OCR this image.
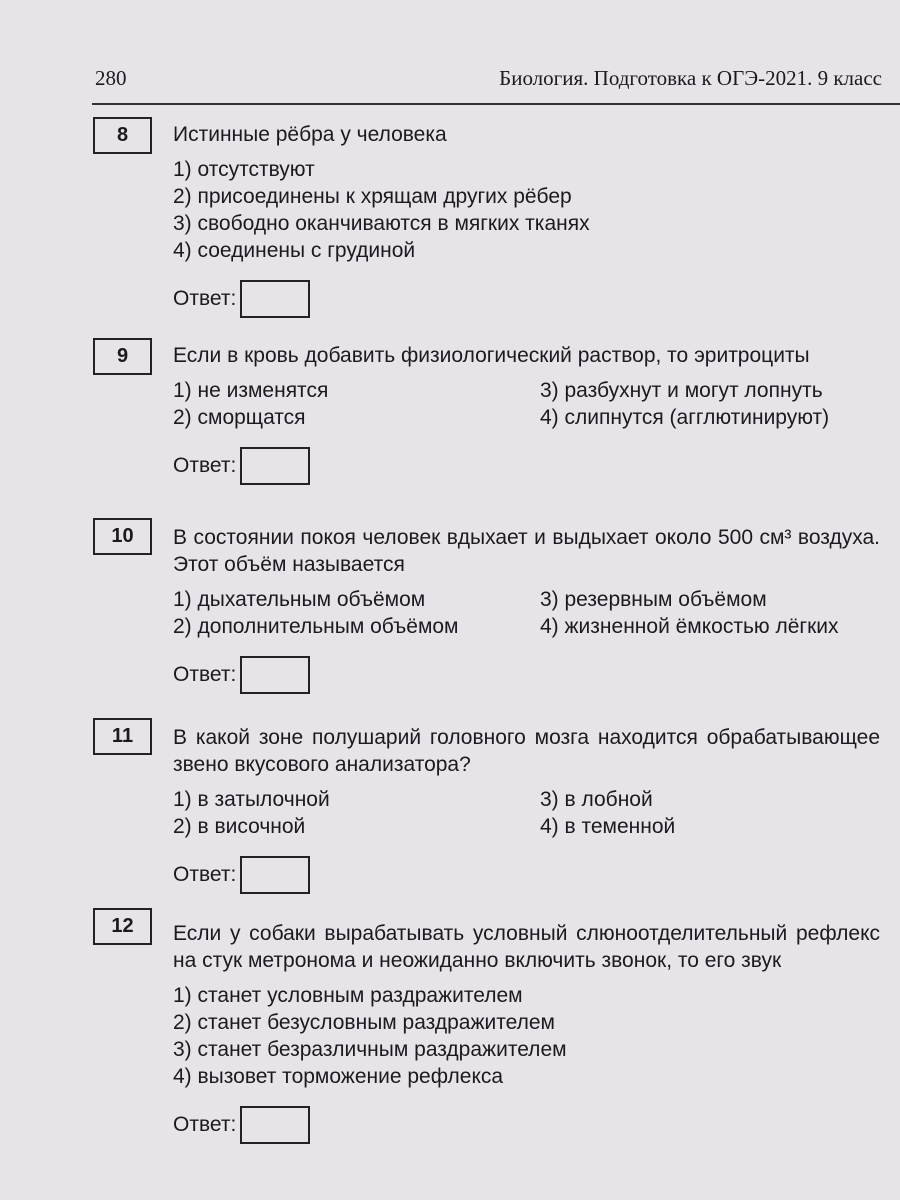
280	Биология. Подготовка к ОГЭ-2021. 9 класс
8	Истинные рёбра у человека
1) отсутствуют
2) присоединены к хрящам других рёбер
3) свободно оканчиваются в мягких тканях
4) соединены с грудиной
Ответ:
9	Если в кровь добавить физиологический раствор, то эритроциты
1) не изменятся	3) разбухнут и могут лопнуть
2) сморщатся	4) слипнутся (агглютинируют)
Ответ:
10	В состоянии покоя человек вдыхает и выдыхает около 500 см³ воздуха. Этот объём называется
1) дыхательным объёмом	3) резервным объёмом
2) дополнительным объёмом	4) жизненной ёмкостью лёгких
Ответ:
11	В какой зоне полушарий головного мозга находится обрабатывающее звено вкусового анализатора?
1) в затылочной	3) в лобной
2) в височной	4) в теменной
Ответ:
12	Если у собаки вырабатывать условный слюноотделительный рефлекс на стук метронома и неожиданно включить звонок, то его звук
1) станет условным раздражителем
2) станет безусловным раздражителем
3) станет безразличным раздражителем
4) вызовет торможение рефлекса
Ответ:
